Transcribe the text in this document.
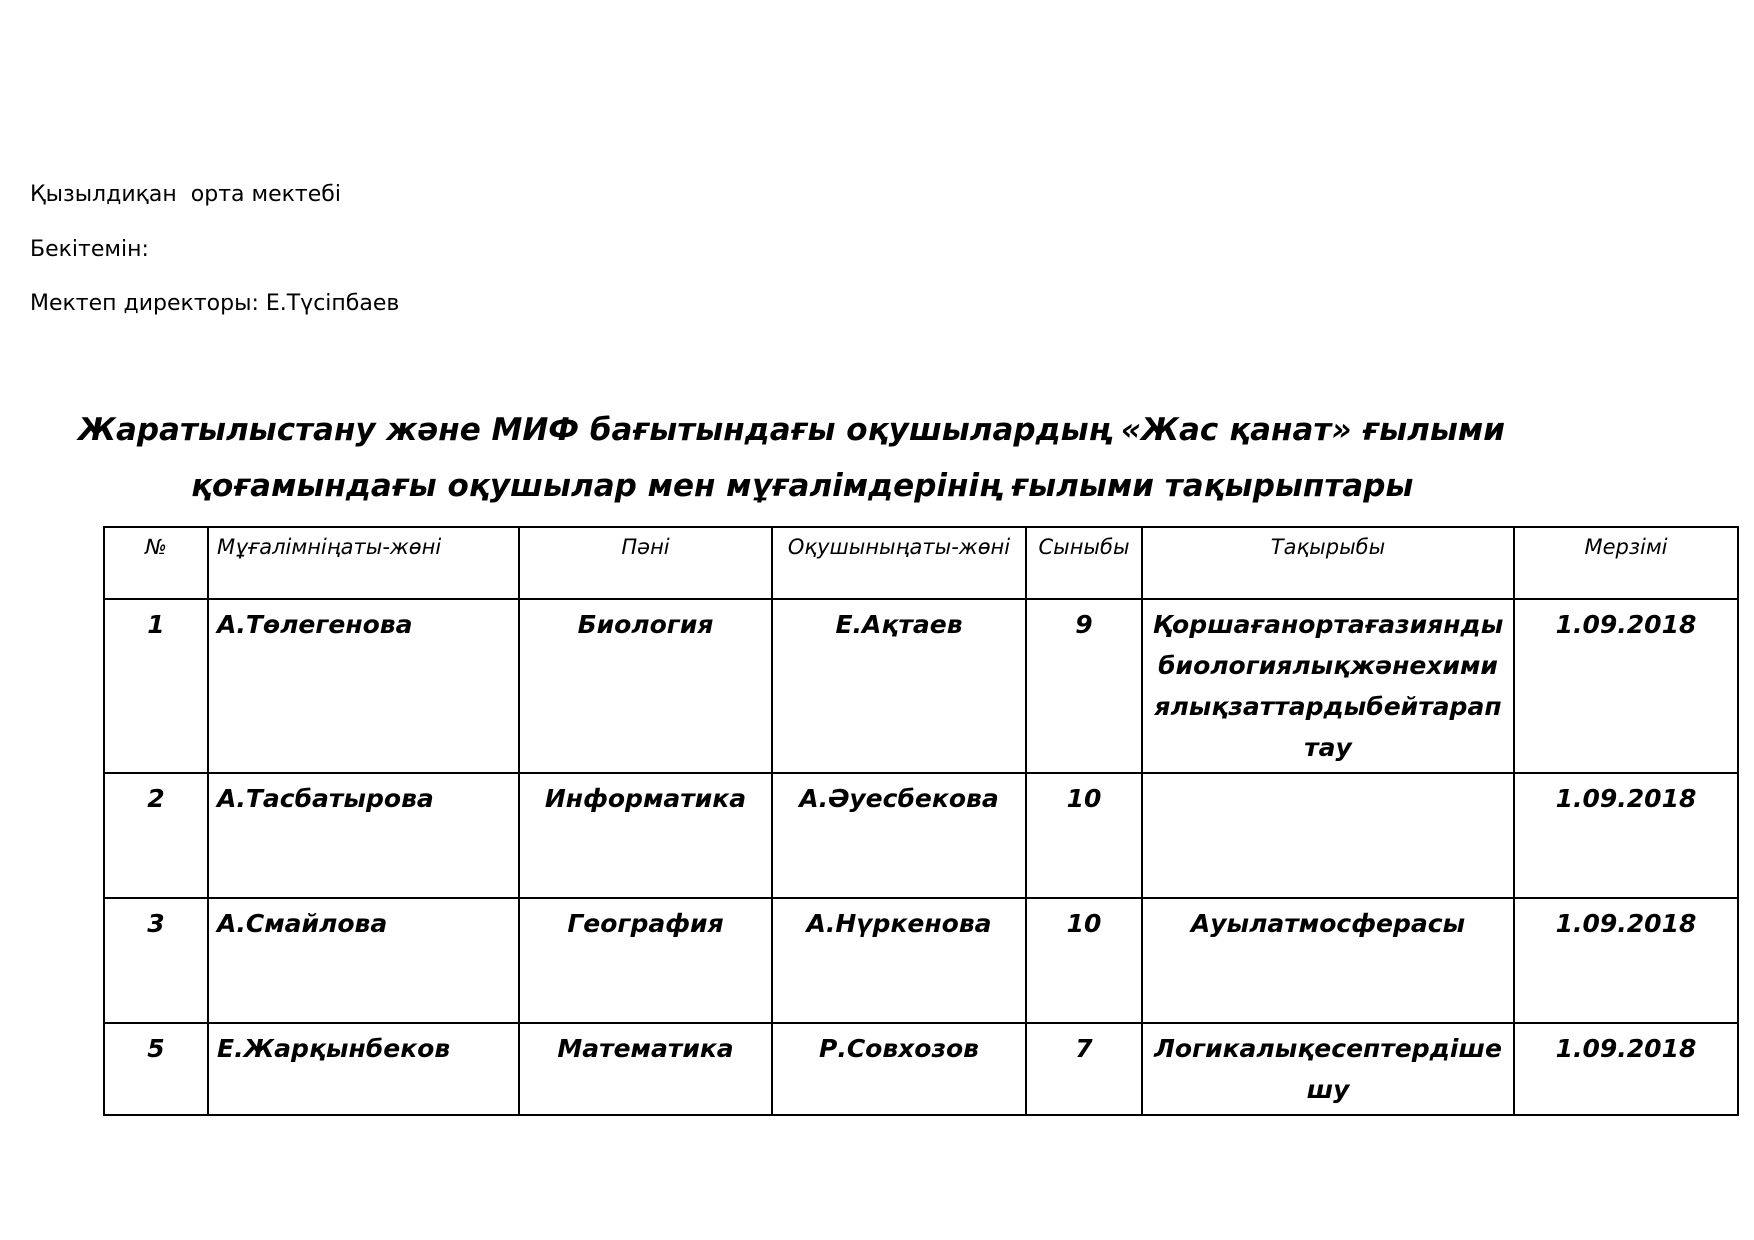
Қызылдиқан  орта мектебі
Бекітемін:
Мектеп директоры: Е.Түсіпбаев
Жаратылыстану және МИФ бағытындағы оқушылардың «Жас қанат» ғылыми
қоғамындағы оқушылар мен мұғалімдерінің ғылыми тақырыптары
№	Мұғалімніңаты-жөні	Пәні	Оқушыныңаты-жөні	Сыныбы	Тақырыбы	Мерзімі
1	А.Төлегенова	Биология	Е.Ақтаев	9	Қоршағанортағазияндыбиологиялықжәнехимиялықзаттардыбейтараптау	1.09.2018
2	А.Тасбатырова	Информатика	А.Әуесбекова	10		1.09.2018
3	А.Смайлова	География	А.Нүркенова	10	Ауылатмосферасы	1.09.2018
5	Е.Жарқынбеков	Математика	Р.Совхозов	7	Логикалықесептердішешу	1.09.2018
